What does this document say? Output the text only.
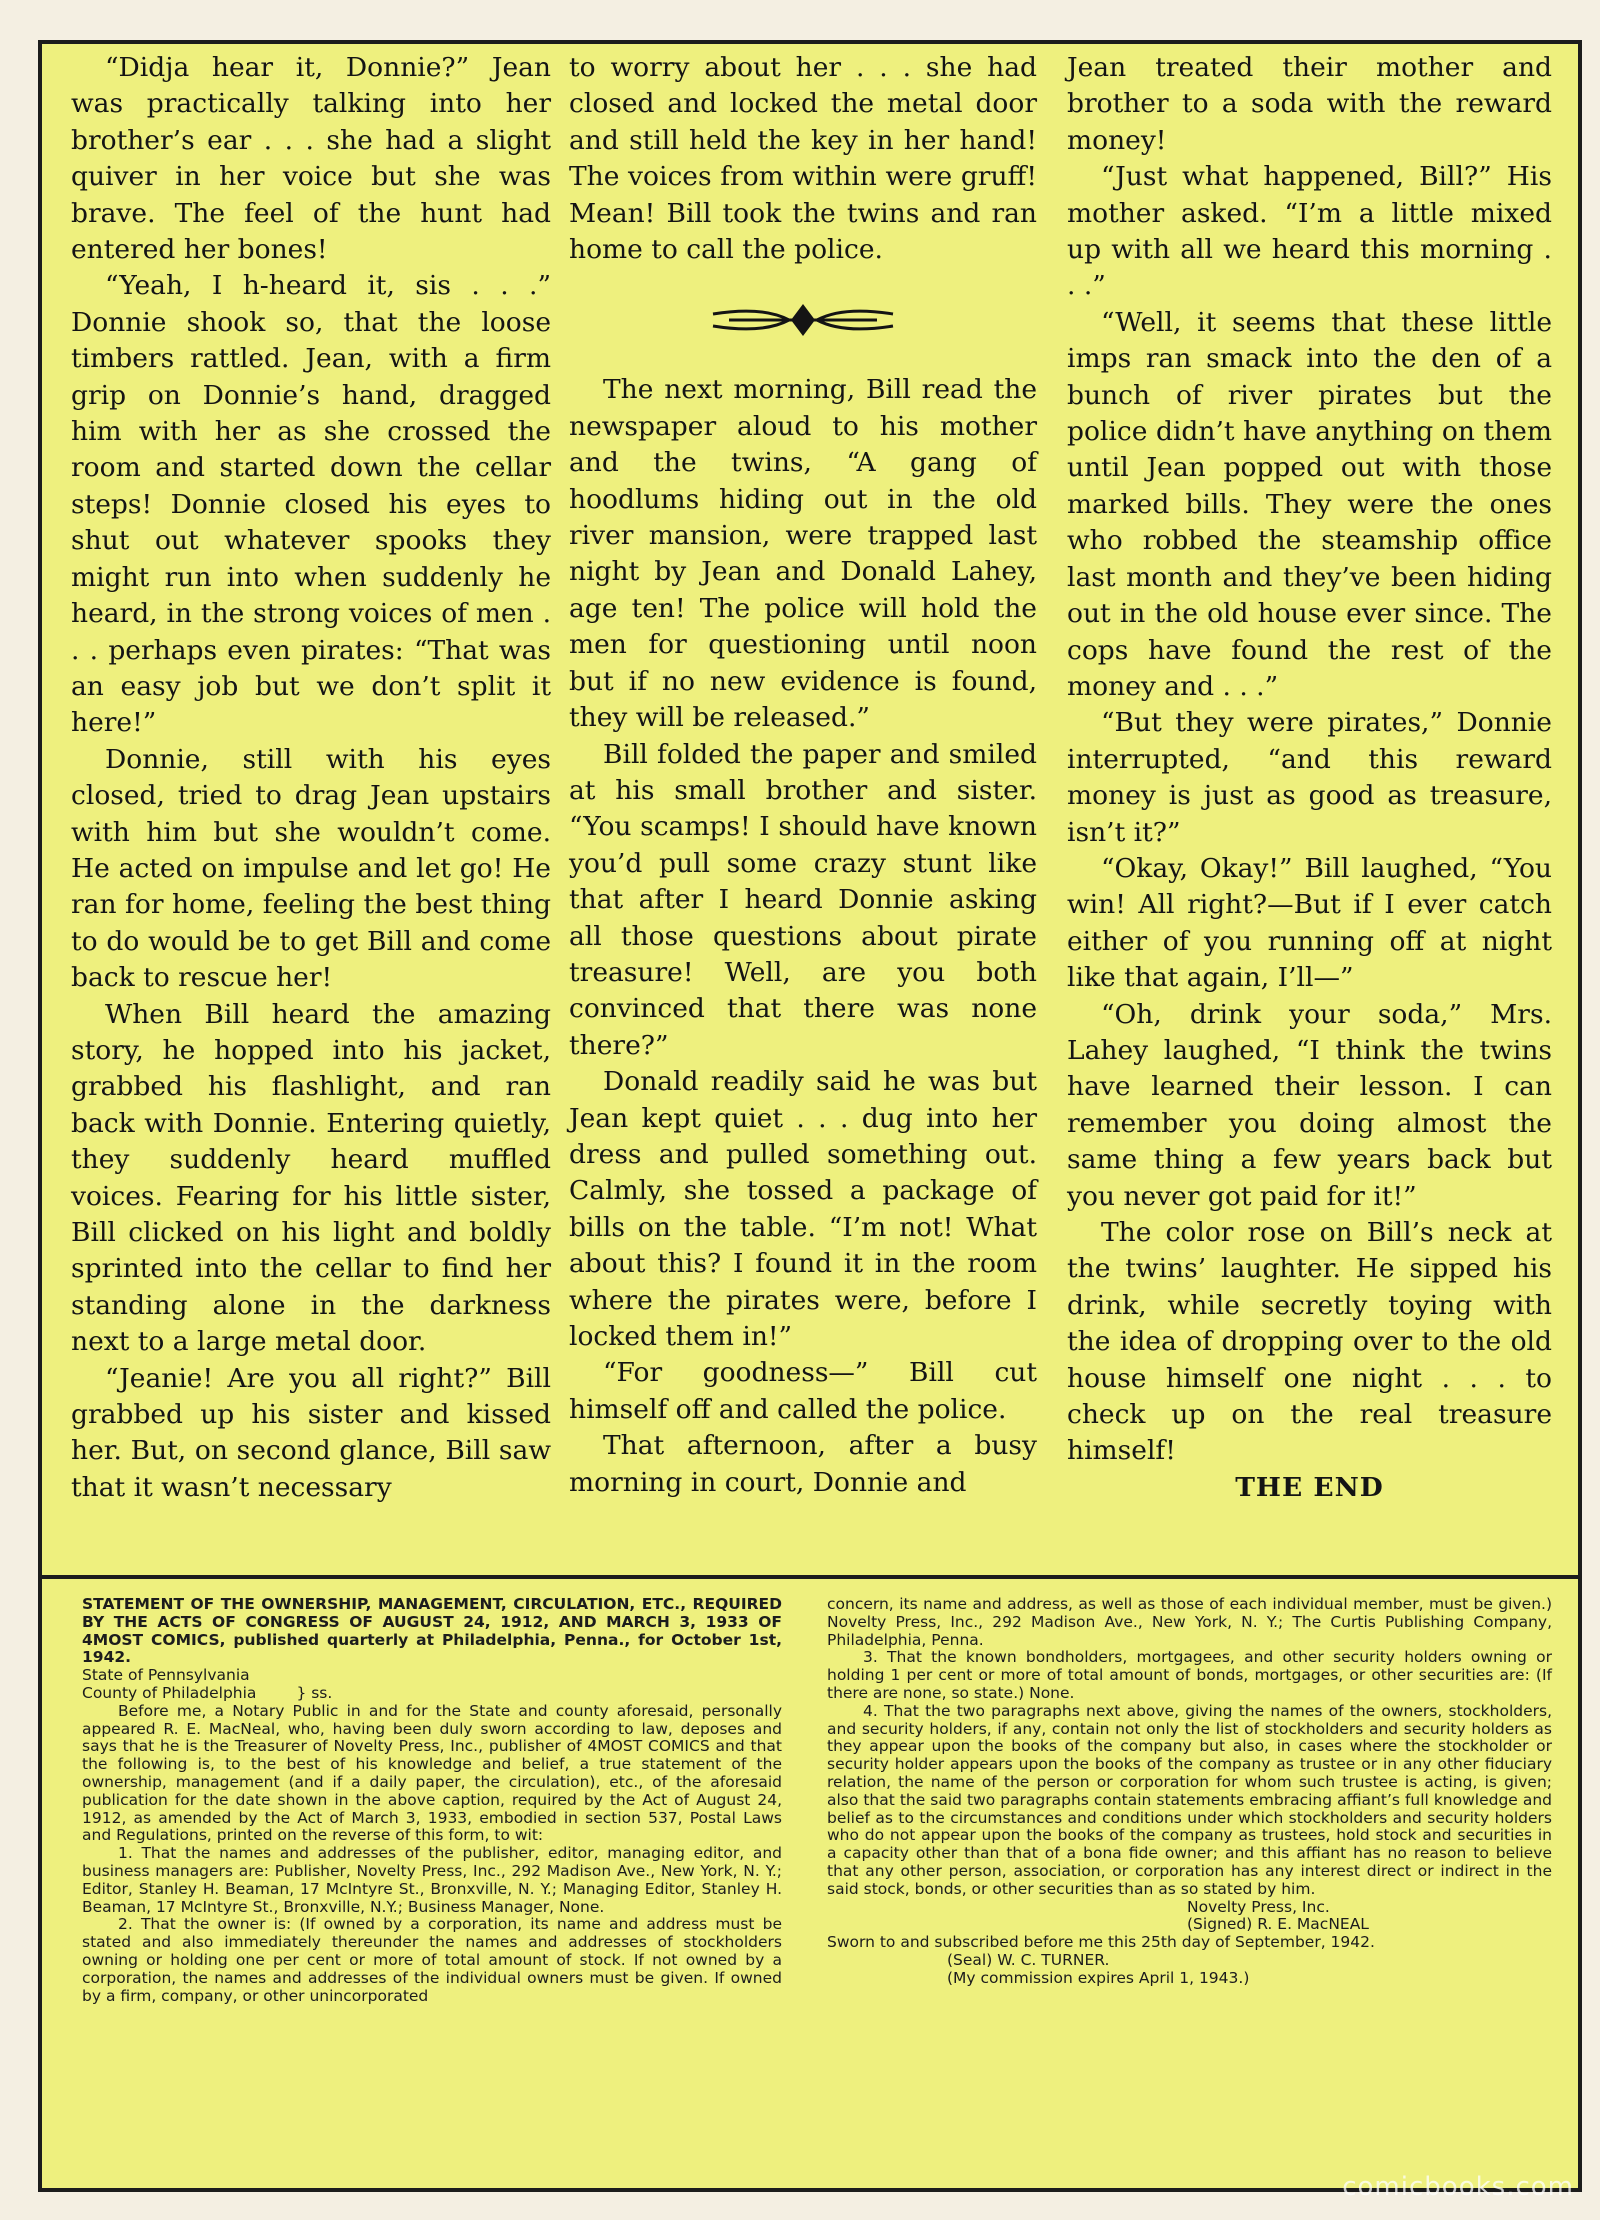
“Didja hear it, Donnie?” Jean was practically talking into her brother’s ear . . . she had a slight quiver in her voice but she was brave. The feel of the hunt had entered her bones!

“Yeah, I h-heard it, sis . . .” Donnie shook so, that the loose timbers rattled. Jean, with a firm grip on Donnie’s hand, dragged him with her as she crossed the room and started down the cellar steps! Donnie closed his eyes to shut out whatever spooks they might run into when suddenly he heard, in the strong voices of men . . . perhaps even pirates: “That was an easy job but we don’t split it here!”

Donnie, still with his eyes closed, tried to drag Jean upstairs with him but she wouldn’t come. He acted on impulse and let go! He ran for home, feeling the best thing to do would be to get Bill and come back to rescue her!

When Bill heard the amazing story, he hopped into his jacket, grabbed his flashlight, and ran back with Donnie. Entering quietly, they suddenly heard muffled voices. Fearing for his little sister, Bill clicked on his light and boldly sprinted into the cellar to find her standing alone in the darkness next to a large metal door.

“Jeanie! Are you all right?” Bill grabbed up his sister and kissed her. But, on second glance, Bill saw that it wasn’t necessary

to worry about her . . . she had closed and locked the metal door and still held the key in her hand! The voices from within were gruff! Mean! Bill took the twins and ran home to call the police.

The next morning, Bill read the newspaper aloud to his mother and the twins, “A gang of hoodlums hiding out in the old river mansion, were trapped last night by Jean and Donald Lahey, age ten! The police will hold the men for questioning until noon but if no new evidence is found, they will be released.”

Bill folded the paper and smiled at his small brother and sister. “You scamps! I should have known you’d pull some crazy stunt like that after I heard Donnie asking all those questions about pirate treasure! Well, are you both convinced that there was none there?”

Donald readily said he was but Jean kept quiet . . . dug into her dress and pulled something out. Calmly, she tossed a package of bills on the table. “I’m not! What about this? I found it in the room where the pirates were, before I locked them in!”

“For goodness—” Bill cut himself off and called the police.

That afternoon, after a busy morning in court, Donnie and

Jean treated their mother and brother to a soda with the reward money!

“Just what happened, Bill?” His mother asked. “I’m a little mixed up with all we heard this morning . . .”

“Well, it seems that these little imps ran smack into the den of a bunch of river pirates but the police didn’t have anything on them until Jean popped out with those marked bills. They were the ones who robbed the steamship office last month and they’ve been hiding out in the old house ever since. The cops have found the rest of the money and . . .”

“But they were pirates,” Donnie interrupted, “and this reward money is just as good as treasure, isn’t it?”

“Okay, Okay!” Bill laughed, “You win! All right?—But if I ever catch either of you running off at night like that again, I’ll—”

“Oh, drink your soda,” Mrs. Lahey laughed, “I think the twins have learned their lesson. I can remember you doing almost the same thing a few years back but you never got paid for it!”

The color rose on Bill’s neck at the twins’ laughter. He sipped his drink, while secretly toying with the idea of dropping over to the old house himself one night . . . to check up on the real treasure himself!

THE END

STATEMENT OF THE OWNERSHIP, MANAGEMENT, CIRCULATION, ETC., REQUIRED BY THE ACTS OF CONGRESS OF AUGUST 24, 1912, AND MARCH 3, 1933 OF 4MOST COMICS, published quarterly at Philadelphia, Penna., for October 1st, 1942.

State of Pennsylvania

County of Philadelphia	} ss.

Before me, a Notary Public in and for the State and county aforesaid, personally appeared R. E. MacNeal, who, having been duly sworn according to law, deposes and says that he is the Treasurer of Novelty Press, Inc., publisher of 4MOST COMICS and that the following is, to the best of his knowledge and belief, a true statement of the ownership, management (and if a daily paper, the circulation), etc., of the aforesaid publication for the date shown in the above caption, required by the Act of August 24, 1912, as amended by the Act of March 3, 1933, embodied in section 537, Postal Laws and Regulations, printed on the reverse of this form, to wit:

1. That the names and addresses of the publisher, editor, managing editor, and business managers are: Publisher, Novelty Press, Inc., 292 Madison Ave., New York, N. Y.; Editor, Stanley H. Beaman, 17 McIntyre St., Bronxville, N. Y.; Managing Editor, Stanley H. Beaman, 17 McIntyre St., Bronxville, N.Y.; Business Manager, None.

2. That the owner is: (If owned by a corporation, its name and address must be stated and also immediately thereunder the names and addresses of stockholders owning or holding one per cent or more of total amount of stock. If not owned by a corporation, the names and addresses of the individual owners must be given. If owned by a firm, company, or other unincorporated

concern, its name and address, as well as those of each individual member, must be given.) Novelty Press, Inc., 292 Madison Ave., New York, N. Y.; The Curtis Publishing Company, Philadelphia, Penna.

3. That the known bondholders, mortgagees, and other security holders owning or holding 1 per cent or more of total amount of bonds, mortgages, or other securities are: (If there are none, so state.) None.

4. That the two paragraphs next above, giving the names of the owners, stockholders, and security holders, if any, contain not only the list of stockholders and security holders as they appear upon the books of the company but also, in cases where the stockholder or security holder appears upon the books of the company as trustee or in any other fiduciary relation, the name of the person or corporation for whom such trustee is acting, is given; also that the said two paragraphs contain statements embracing affiant’s full knowledge and belief as to the circumstances and conditions under which stockholders and security holders who do not appear upon the books of the company as trustees, hold stock and securities in a capacity other than that of a bona fide owner; and this affiant has no reason to believe that any other person, association, or corporation has any interest direct or indirect in the said stock, bonds, or other securities than as so stated by him.

Novelty Press, Inc.

(Signed) R. E. MacNEAL

Sworn to and subscribed before me this 25th day of September, 1942.

(Seal) W. C. TURNER.

(My commission expires April 1, 1943.)

comicbooks.com
